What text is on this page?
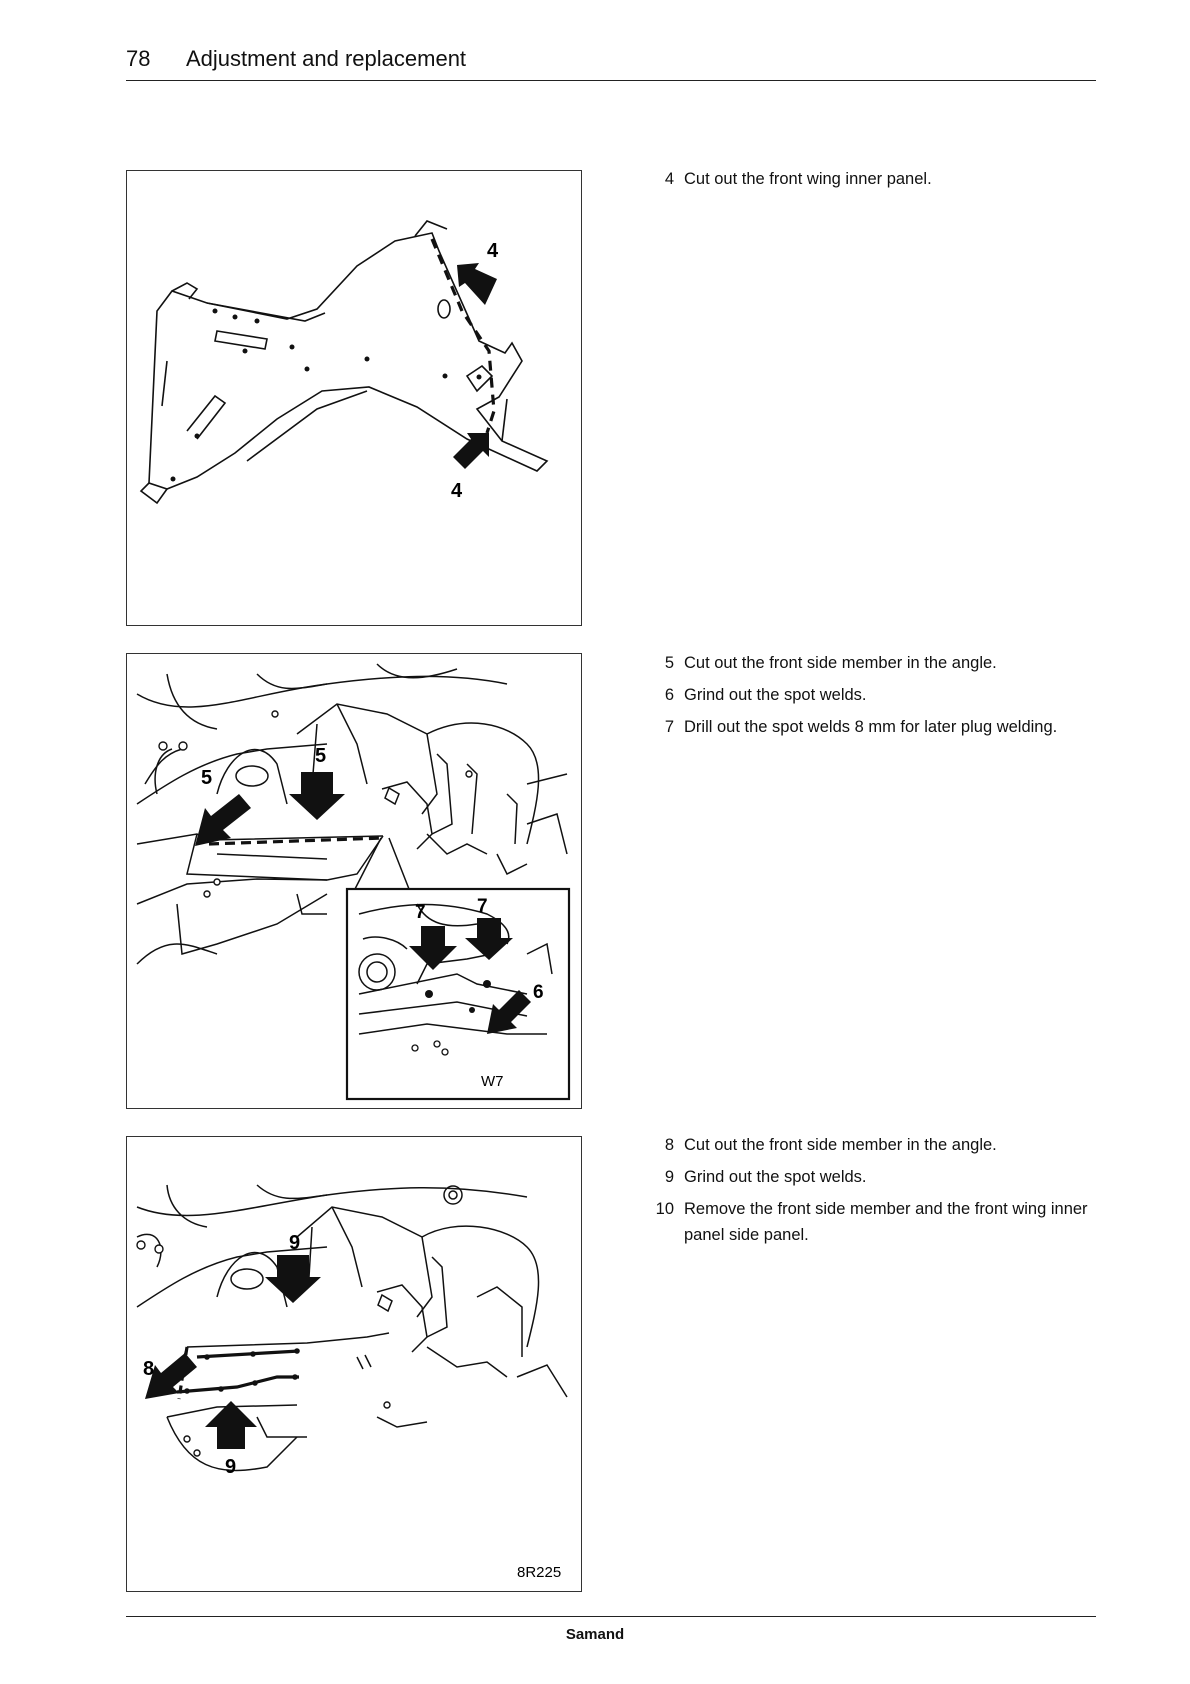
78 Adjustment and replacement
4
4
4 Cut out the front wing inner panel.
5
5
7	7
6
W7
5 Cut out the front side member in the angle.
6 Grind out the spot welds.
7 Drill out the spot welds 8 mm for later plug welding.
9
8
9
8R225
8 Cut out the front side member in the angle.
9 Grind out the spot welds.
10 Remove the front side member and the front wing inner panel side panel.
Samand
